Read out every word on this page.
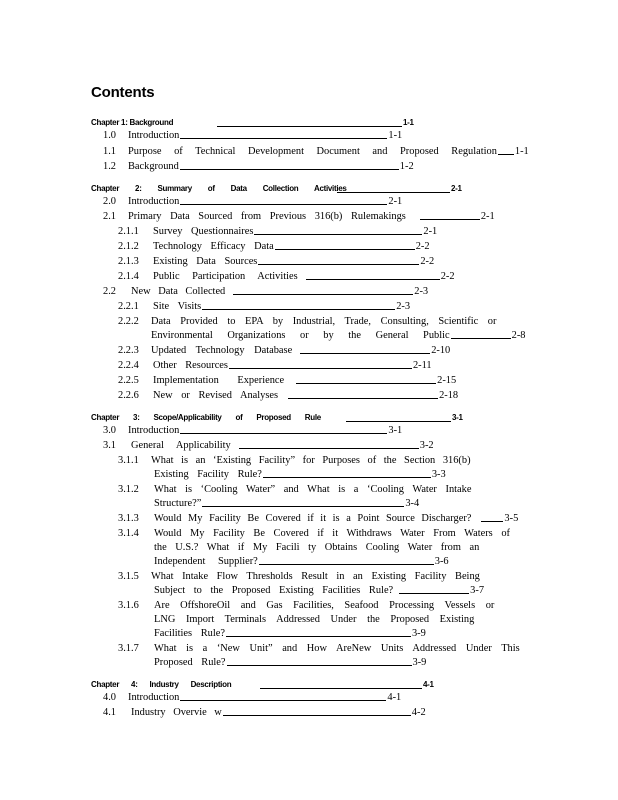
Contents
Chapter 1: Background	1-1
1.0	Introduction	1-1
1.1	Purpose of Technical Development Document and Proposed Regulation 1-1
1.2	Background	1-2
Chapter 2: Summary of Data Collection Activities	2-1
2.0	Introduction	2-1
2.1	Primary Data Sourced from Previous 316(b) Rulemakings	2-1
2.1.1	Survey Questionnaires	2-1
2.1.2	Technology Efficacy Data	2-2
2.1.3	Existing Data Sources	2-2
2.1.4	Public Participation Activities	2-2
2.2	New Data Collected	2-3
2.2.1	Site Visits	2-3
2.2.2	Data Provided to EPA by Industrial, Trade, Consulting, Scientific or
Environmental Organizations or by the General Public	2-8
2.2.3	Updated Technology Database	2-10
2.2.4	Other Resources	2-11
2.2.5	Implementation Experience	2-15
2.2.6	New or Revised Analyses	2-18
Chapter 3: Scope/Applicability of Proposed Rule	3-1
3.0	Introduction	3-1
3.1	General Applicability	3-2
3.1.1	What is an ‘Existing Facility” for Purposes of the Section 316(b)
Existing Facility Rule?	3-3
3.1.2	What is ‘Cooling Water” and What is a ‘Cooling Water Intake
Structure?”	3-4
3.1.3	Would My Facility Be Covered if it is a Point Source Discharger?	3-5
3.1.4	Would My Facility Be Covered if it Withdraws Water From Waters of
the U.S.? What if My Facili ty Obtains Cooling Water from an
Independent Supplier?	3-6
3.1.5	What Intake Flow Thresholds Result in an Existing Facility Being
Subject to the Proposed Existing Facilities Rule?	3-7
3.1.6	Are OffshoreOil and Gas Facilities, Seafood Processing Vessels or
LNG Import Terminals Addressed Under the Proposed Existing
Facilities Rule?	3-9
3.1.7	What is a ‘New Unit” and How AreNew Units Addressed Under This
Proposed Rule?	3-9
Chapter 4: Industry Description	4-1
4.0	Introduction	4-1
4.1	Industry Overvie w	4-2
